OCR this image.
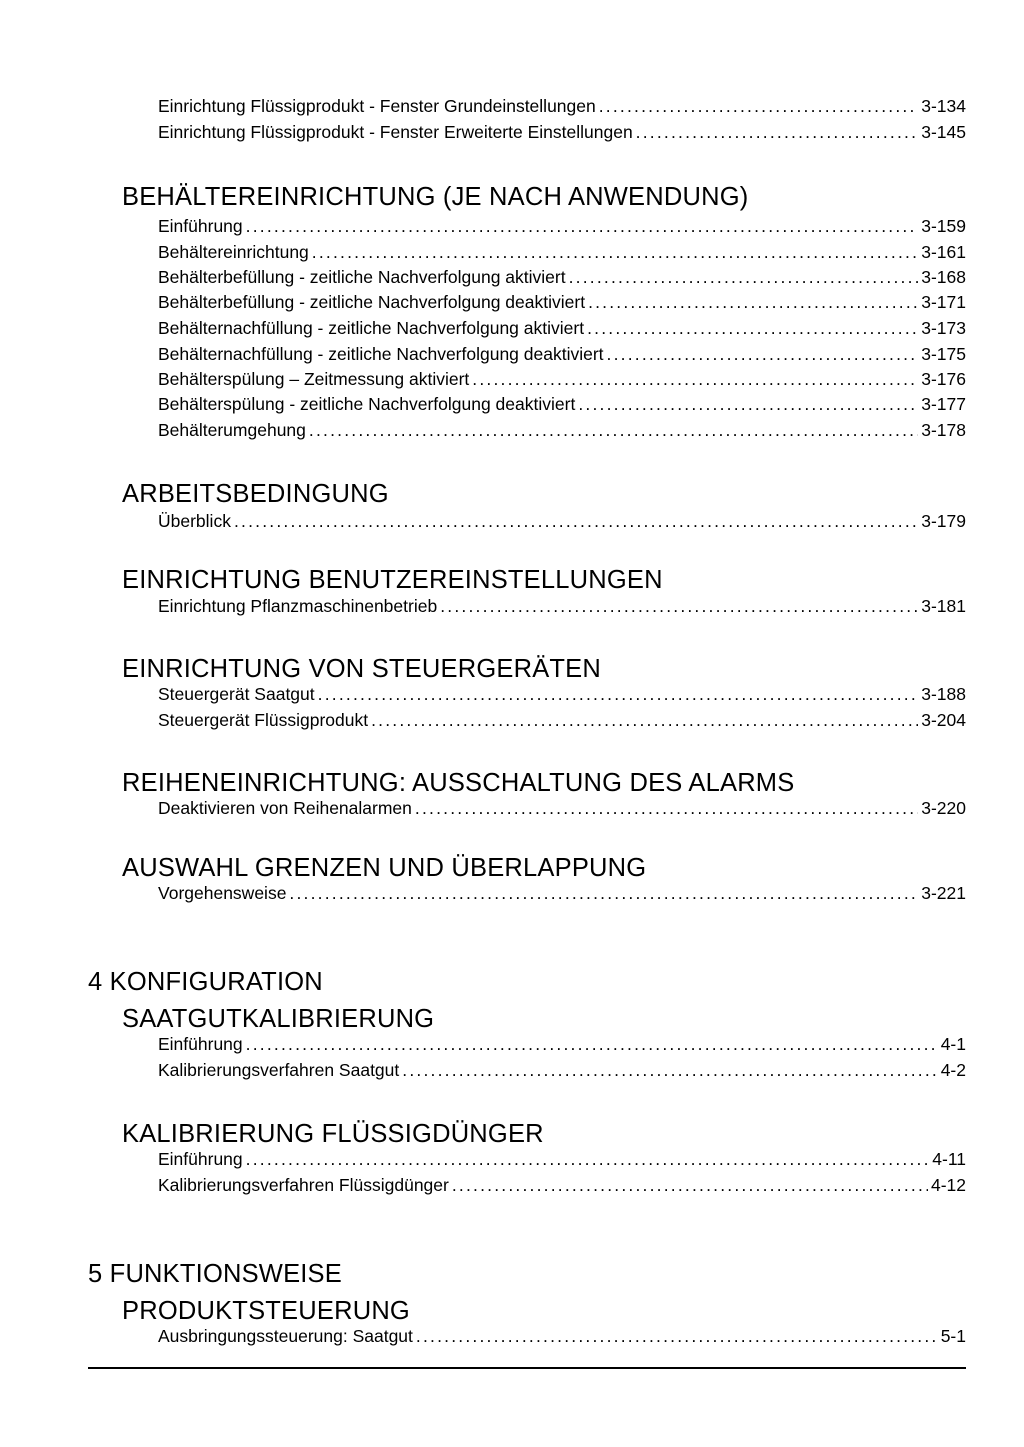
Einrichtung Flüssigprodukt - Fenster Grundeinstellungen .....	3-134
Einrichtung Flüssigprodukt - Fenster Erweiterte Einstellungen .....	3-145
BEHÄLTEREINRICHTUNG (JE NACH ANWENDUNG)
Einführung .....	3-159
Behältereinrichtung .....	3-161
Behälterbefüllung - zeitliche Nachverfolgung aktiviert .....	3-168
Behälterbefüllung - zeitliche Nachverfolgung deaktiviert .....	3-171
Behälternachfüllung - zeitliche Nachverfolgung aktiviert .....	3-173
Behälternachfüllung - zeitliche Nachverfolgung deaktiviert .....	3-175
Behälterspülung – Zeitmessung aktiviert .....	3-176
Behälterspülung - zeitliche Nachverfolgung deaktiviert .....	3-177
Behälterumgehung .....	3-178
ARBEITSBEDINGUNG
Überblick .....	3-179
EINRICHTUNG BENUTZEREINSTELLUNGEN
Einrichtung Pflanzmaschinenbetrieb .....	3-181
EINRICHTUNG VON STEUERGERÄTEN
Steuergerät Saatgut .....	3-188
Steuergerät Flüssigprodukt .....	3-204
REIHENEINRICHTUNG: AUSSCHALTUNG DES ALARMS
Deaktivieren von Reihenalarmen .....	3-220
AUSWAHL GRENZEN UND ÜBERLAPPUNG
Vorgehensweise .....	3-221
4 KONFIGURATION
SAATGUTKALIBRIERUNG
Einführung .....	4-1
Kalibrierungsverfahren Saatgut .....	4-2
KALIBRIERUNG FLÜSSIGDÜNGER
Einführung .....	4-11
Kalibrierungsverfahren Flüssigdünger .....	4-12
5 FUNKTIONSWEISE
PRODUKTSTEUERUNG
Ausbringungssteuerung: Saatgut .....	5-1
